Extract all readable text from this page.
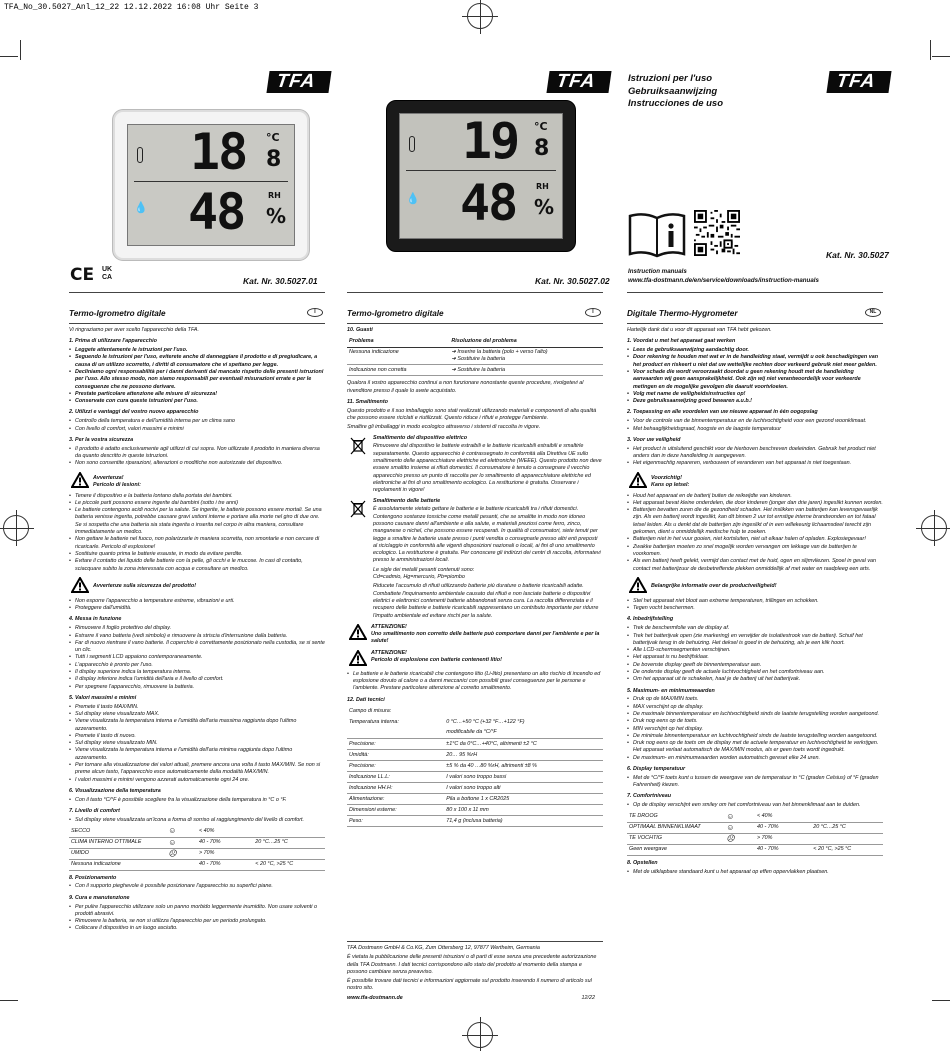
TFA_No_30.5027_Anl_12_22 12.12.2022 16:08 Uhr Seite 3
TFA	TFA	TFA
18 °C
8
💧 48	RH
%
19 °C
8
💧 48 RH
%
CE	UK
CA	Kat. Nr. 30.5027.01	Kat. Nr. 30.5027.02
Kat. Nr. 30.5027
Istruzioni per l'uso
Gebruiksaanwijzing
Instrucciones de uso
Instruction manuals
www.tfa-dostmann.de/en/service/downloads/instruction-manuals
Termo-Igrometro digitale	I
Vi ringraziamo per aver scelto l'apparecchio della TFA.
1. Prima di utilizzare l'apparecchio
• Leggete attentamente le istruzioni per l'uso.
• Seguendo le istruzioni per l'uso, eviterete anche di danneggiare il prodotto e di pregiudicare, a causa di un utilizzo scorretto, i diritti di consumatore che vi spettano per legge.
• Decliniamo ogni responsabilità per i danni derivanti dal mancato rispetto delle presenti istruzioni per l'uso. Allo stesso modo, non siamo responsabili per eventuali misurazioni errate e per le conseguenze che ne possono derivare.
• Prestate particolare attenzione alle misure di sicurezza!
• Conservate con cura queste istruzioni per l'uso.
2. Utilizzi e vantaggi del vostro nuovo apparecchio
• Controllo della temperatura e dell'umidità interna per un clima sano
• Con livello di comfort, valori massimi e minimi
3. Per la vostra sicurezza
• Il prodotto è adatto esclusivamente agli utilizzi di cui sopra. Non utilizzate il prodotto in maniera diversa da quanto descritto in queste istruzioni.
• Non sono consentite riparazioni, alterazioni o modifiche non autorizzate del dispositivo.
Avvertenza!
Pericolo di lesioni:
• Tenere il dispositivo e la batteria lontano dalla portata dei bambini.
• Le piccole parti possono essere ingerite dai bambini (sotto i tre anni)
• Le batterie contengono acidi nocivi per la salute. Se ingerite, le batterie possono essere mortali. Se una batteria venisse ingerita, potrebbe causare gravi ustioni interne e portare alla morte nel giro di due ore. Se si sospetta che una batteria sia stata ingerita o inserita nel corpo in altra maniera, consultare immediatamente un medico.
• Non gettare le batterie nel fuoco, non polarizzarle in maniera scorretta, non smontarle e non cercare di ricaricarle. Pericolo di esplosione!
• Sostituire quanto prima le batterie esauste, in modo da evitare perdite.
• Evitare il contatto dei liquido delle batterie con la pelle, gli occhi e le mucose. In casi di contatto, sciacquare subito la zona interessata con acqua e consultare un medico.
Avvertenze sulla sicurezza del prodotto!
• Non esporre l'apparecchio a temperature estreme, vibrazioni e urti.
• Proteggere dall'umidità.
4. Messa in funzione
• Rimuovere il foglio protettivo del display.
• Estrarre il vano batteria (vedi simbolo) e rimuovere la striscia d'interruzione dalla batteria.
• Far di nuovo rientrare il vano batterie. Il coperchio è correttamente posizionato nella custodia, se si sente un clic.
• Tutti i segmenti LCD appaiono contemporaneamente.
• L'apparecchio è pronto per l'uso.
• Il display superiore indica la temperatura interna.
• Il display inferiore indica l'umidità dell'aria e il livello di comfort.
• Per spegnere l'apparecchio, rimuovere la batteria.
5. Valori massimi e minimi
• Premete il tasto MAX/MIN.
• Sul display viene visualizzato MAX.
• Viene visualizzata la temperatura interna e l'umidità dell'aria massima raggiunta dopo l'ultimo azzeramento.
• Premete il tasto di nuovo.
• Sul display viene visualizzato MIN.
• Viene visualizzata la temperatura interna e l'umidità dell'aria minima raggiunta dopo l'ultimo azzeramento.
• Per tornare alla visualizzazione dei valori attuali, premere ancora una volta il tasto MAX/MIN. Se non si preme alcun tasto, l'apparecchio esce automaticamente dalla modalità MAX/MIN.
• I valori massimi e minimi vengono azzerati automaticamente ogni 24 ore.
6. Visualizzazione della temperatura
• Con il tasto °C/°F è possibile scegliere fra la visualizzazione della temperatura in °C o °F.
7. Livello di comfort
• Sul display viene visualizzata un'icona a forma di sorriso al raggiungimento del livello di comfort.
SECCO	☺	< 40%	
CLIMA INTERNO OTTIMALE	☺	40 - 70%	20 °C…25 °C
UMIDO	☹	> 70%	
Nessuna indicazione		40 - 70%	< 20 °C, >25 °C
8. Posizionamento
• Con il supporto pieghevole è possibile posizionare l'apparecchio su superfici piane.
9. Cura e manutenzione
• Per pulire l'apparecchio utilizzare solo un panno morbido leggermente inumidito. Non usare solventi o prodotti abrasivi.
• Rimuovere la batteria, se non si utilizza l'apparecchio per un periodo prolungato.
• Collocare il dispositivo in un luogo asciutto.
Termo-Igrometro digitale	I
10. Guasti
Problema	Risoluzione del problema
Nessuna indicazione	➔ Inserire la batteria (polo + verso l'alto)
➔ Sostituire la batteria

Indicazione non corretta	➔ Sostituire la batteria
Qualora il vostro apparecchio continui a non funzionare nonostante queste procedure, rivolgetevi al rivenditore presso il quale lo avete acquistato.
11. Smaltimento
Questo prodotto e il suo imballaggio sono stati realizzati utilizzando materiali e componenti di alta qualità che possono essere riciclati e riutilizzati. Questo riduce i rifiuti e protegge l'ambiente.
Smaltire gli imballaggi in modo ecologico attraverso i sistemi di raccolta in vigore.
Smaltimento del dispositivo elettrico
Rimuovere dal dispositivo le batterie estraibili e le batterie ricaricabili estraibili e smaltirle separatamente. Questo apparecchio è contrassegnato in conformità alla Direttiva UE sullo smaltimento delle apparecchiature elettriche ed elettroniche (WEEE). Questo prodotto non deve essere smaltito insieme ai rifiuti domestici. Il consumatore è tenuto a consegnare il vecchio apparecchio presso un punto di raccolta per lo smaltimento di apparecchiature elettriche ed elettroniche ai fini di uno smaltimento ecologico. La restituzione è gratuita. Osservare i regolamenti in vigore!
Smaltimento delle batterie
È assolutamente vietato gettare le batterie e le batterie ricaricabili tra i rifiuti domestici. Contengono sostanze tossiche come metalli pesanti, che se smaltite in modo non idoneo possono causare danni all'ambiente e alla salute, e materiali preziosi come ferro, zinco, manganese o nichel, che possono essere recuperati. In qualità di consumatori, siete tenuti per legge a smaltire le batterie usate presso i punti vendita o consegnarle presso altri enti preposti al riciclaggio in conformità alle vigenti disposizioni nazionali o locali, ai fini di uno smaltimento ecologico. La restituzione è gratuita. Per conoscere gli indirizzi dei centri di raccolta, informatevi presso le amministrazioni locali.
Le sigle dei metalli pesanti contenuti sono:
Cd=cadmio, Hg=mercurio, Pb=piombo
Riducete l'accumulo di rifiuti utilizzando batterie più durature o batterie ricaricabili adatte. Combattete l'inquinamento ambientale causato dai rifiuti e non lasciate batterie o dispositivi elettrici e elettronici contenenti batterie abbandonati senza cura. La raccolta differenziata e il recupero delle batterie e batterie ricaricabili rappresentano un contributo importante per ridurre l'impatto ambientale ed evitare rischi per la salute.
ATTENZIONE!
Uno smaltimento non corretto delle batterie può comportare danni per l'ambiente e per la salute!
ATTENZIONE!
Pericolo di esplosione con batterie contenenti litio!
• Le batterie e le batterie ricaricabili che contengono litio (Li-litio) presentano un alto rischio di incendio ed esplosione dovuto al calore o a danni meccanici con possibili gravi conseguenze per le persone e l'ambiente. Prestare particolare attenzione al corretto smaltimento.
12. Dati tecnici
Campo di misura:	
Temperatura interna:	0 °C…+50 °C (+32 °F…+122 °F)
	modificabile da °C/°F
Precisione:	±1°C da 0°C…+40°C, altrimenti ±2 °C
Umidità:	20… 95 %rH
Precisione:	±5 % da 40 …80 %rH, altrimenti ±8 %
Indicazione LL.L:	I valori sono troppo bassi
Indicazione HH.H:	I valori sono troppo alti
Alimentazione:	Pila a bottone 1 x CR2025
Dimensioni esterne:	80 x 100 x 11 mm
Peso:	71,4 g (inclusa batteria)
TFA Dostmann GmbH & Co.KG, Zum Ottersberg 12, 97877 Wertheim, Germania
È vietata la pubblicazione delle presenti istruzioni o di parti di esse senza una precedente autorizzazione della TFA Dostmann. I dati tecnici corrispondono allo stato del prodotto al momento della stampa e possono cambiare senza preavviso.
È possibile trovare dati tecnici e informazioni aggiornate sul prodotto inserendo il numero di articolo sul nostro sito.
www.tfa-dostmann.de	12/22
Digitale Thermo-Hygrometer	NL
Hartelijk dank dat u voor dit apparaat van TFA hebt gekozen.
1. Voordat u met het apparaat gaat werken
• Lees de gebruiksaanwijzing aandachtig door.
• Door rekening te houden met wat er in de handleiding staat, vermijdt u ook beschadigingen van het product en riskeert u niet dat uw wettelijke rechten door verkeerd gebruik niet meer gelden.
• Voor schade die wordt veroorzaakt doordat u geen rekening houdt met de handleiding aanvaarden wij geen aansprakelijkheid. Ook zijn wij niet verantwoordelijk voor verkeerde metingen en de mogelijke gevolgen die daaruit voortvloeien.
• Volg met name de veiligheidsinstructies op!
• Deze gebruiksaanwijzing goed bewaren a.u.b.!
2. Toepassing en alle voordelen van uw nieuwe apparaat in één oogopslag
• Voor de controle van de binnentemperatuur en de luchtvochtigheid voor een gezond woonklimaat.
• Met behaaglijkheidsgraad, hoogste en de laagste temperatuur
3. Voor uw veiligheid
• Het product is uitsluitend geschikt voor de hierboven beschreven doeleinden. Gebruik het product niet anders dan in deze handleiding is aangegeven.
• Het eigenmachtig repareren, verbouwen of veranderen van het apparaat is niet toegestaan.
Voorzichtig!
Kans op letsel:
• Houd het apparaat en de batterij buiten de reikwijdte van kinderen.
• Het apparaat bevat kleine onderdelen, die door kinderen (jonger dan drie jaren) ingeslikt kunnen worden.
• Batterijen bevatten zuren die de gezondheid schaden. Het inslikken van batterijen kan levensgevaarlijk zijn. Als een batterij wordt ingeslikt, kan dit binnen 2 uur tot ernstige interne brandwonden en tot fataal letsel leiden. Als u denkt dat de batterijen zijn ingeslikt of in een willekeurig lichaamsdeel terecht zijn gekomen, dient u onmiddellijk medische hulp te zoeken.
• Batterijen niet in het vuur gooien, niet kortsluiten, niet uit elkaar halen of opladen. Explosiegevaar!
• Zwakke batterijen moeten zo snel mogelijk worden vervangen om lekkage van de batterijen te voorkomen.
• Als een batterij heeft gelekt, vermijd dan contact met de huid, ogen en slijmvliezen. Spoel in geval van contact met batterijzuur de desbetreffende plekken onmiddellijk af met water en raadpleeg een arts.
Belangrijke informatie over de productveiligheid!
• Stel het apparaat niet bloot aan extreme temperaturen, trillingen en schokken.
• Tegen vocht beschermen.
4. Inbedrijfstelling
• Trek de beschermfolie van de display af.
• Trek het batterijvak open (zie markering) en verwijder de isolatiestrook van de batterij. Schuif het batterijvak terug in de behuizing. Het deksel is goed in de behuizing, als je een klik hoort.
• Alle LCD-schermsegmenten verschijnen.
• Het apparaat is nu bedrijfsklaar.
• De bovenste display geeft de binnentemperatuur aan.
• De onderste display geeft de actuele luchtvochtigheid en het comfortniveau aan.
• Om het apparaat uit te schakelen, haal je de batterij uit het batterijvak.
5. Maximum- en minimumwaarden
• Druk op de MAX/MIN toets.
• MAX verschijnt op de display.
• De maximale binnentemperatuur en luchtvochtigheid sinds de laatste terugstelling worden aangetoond.
• Druk nog eens op de toets.
• MIN verschijnt op het display.
• De minimale binnentemperatuur en luchtvochtigheid sinds de laatste terugstelling worden aangetoond.
• Druk nog eens op de toets om de display met de actuele temperatuur en luchtvochtigheid te verkrijgen. Het apparaat verlaat automatisch de MAX/MIN modus, als er geen toets wordt ingedrukt.
• De maximum- en minimumwaarden worden automatisch gereset elke 24 uren.
6. Display temperatuur
• Met de °C/°F toets kunt u tussen de weergave van de temperatuur in °C (graden Celsius) of °F (graden Fahrenheit) kiezen.
7. Comfortniveau
• Op de display verschijnt een smiley om het comfortniveau van het binnenklimaat aan te duiden.
TE DROOG	☺	< 40%	
OPTIMAAL BINNENKLIMAAT	☺	40 - 70%	20 °C…25 °C
TE VOCHTIG	☹	> 70%	
Geen weergave		40 - 70%	< 20 °C, >25 °C
8. Opstellen
• Met de uitklapbare standaard kunt u het apparaat op effen oppervlakken plaatsen.
